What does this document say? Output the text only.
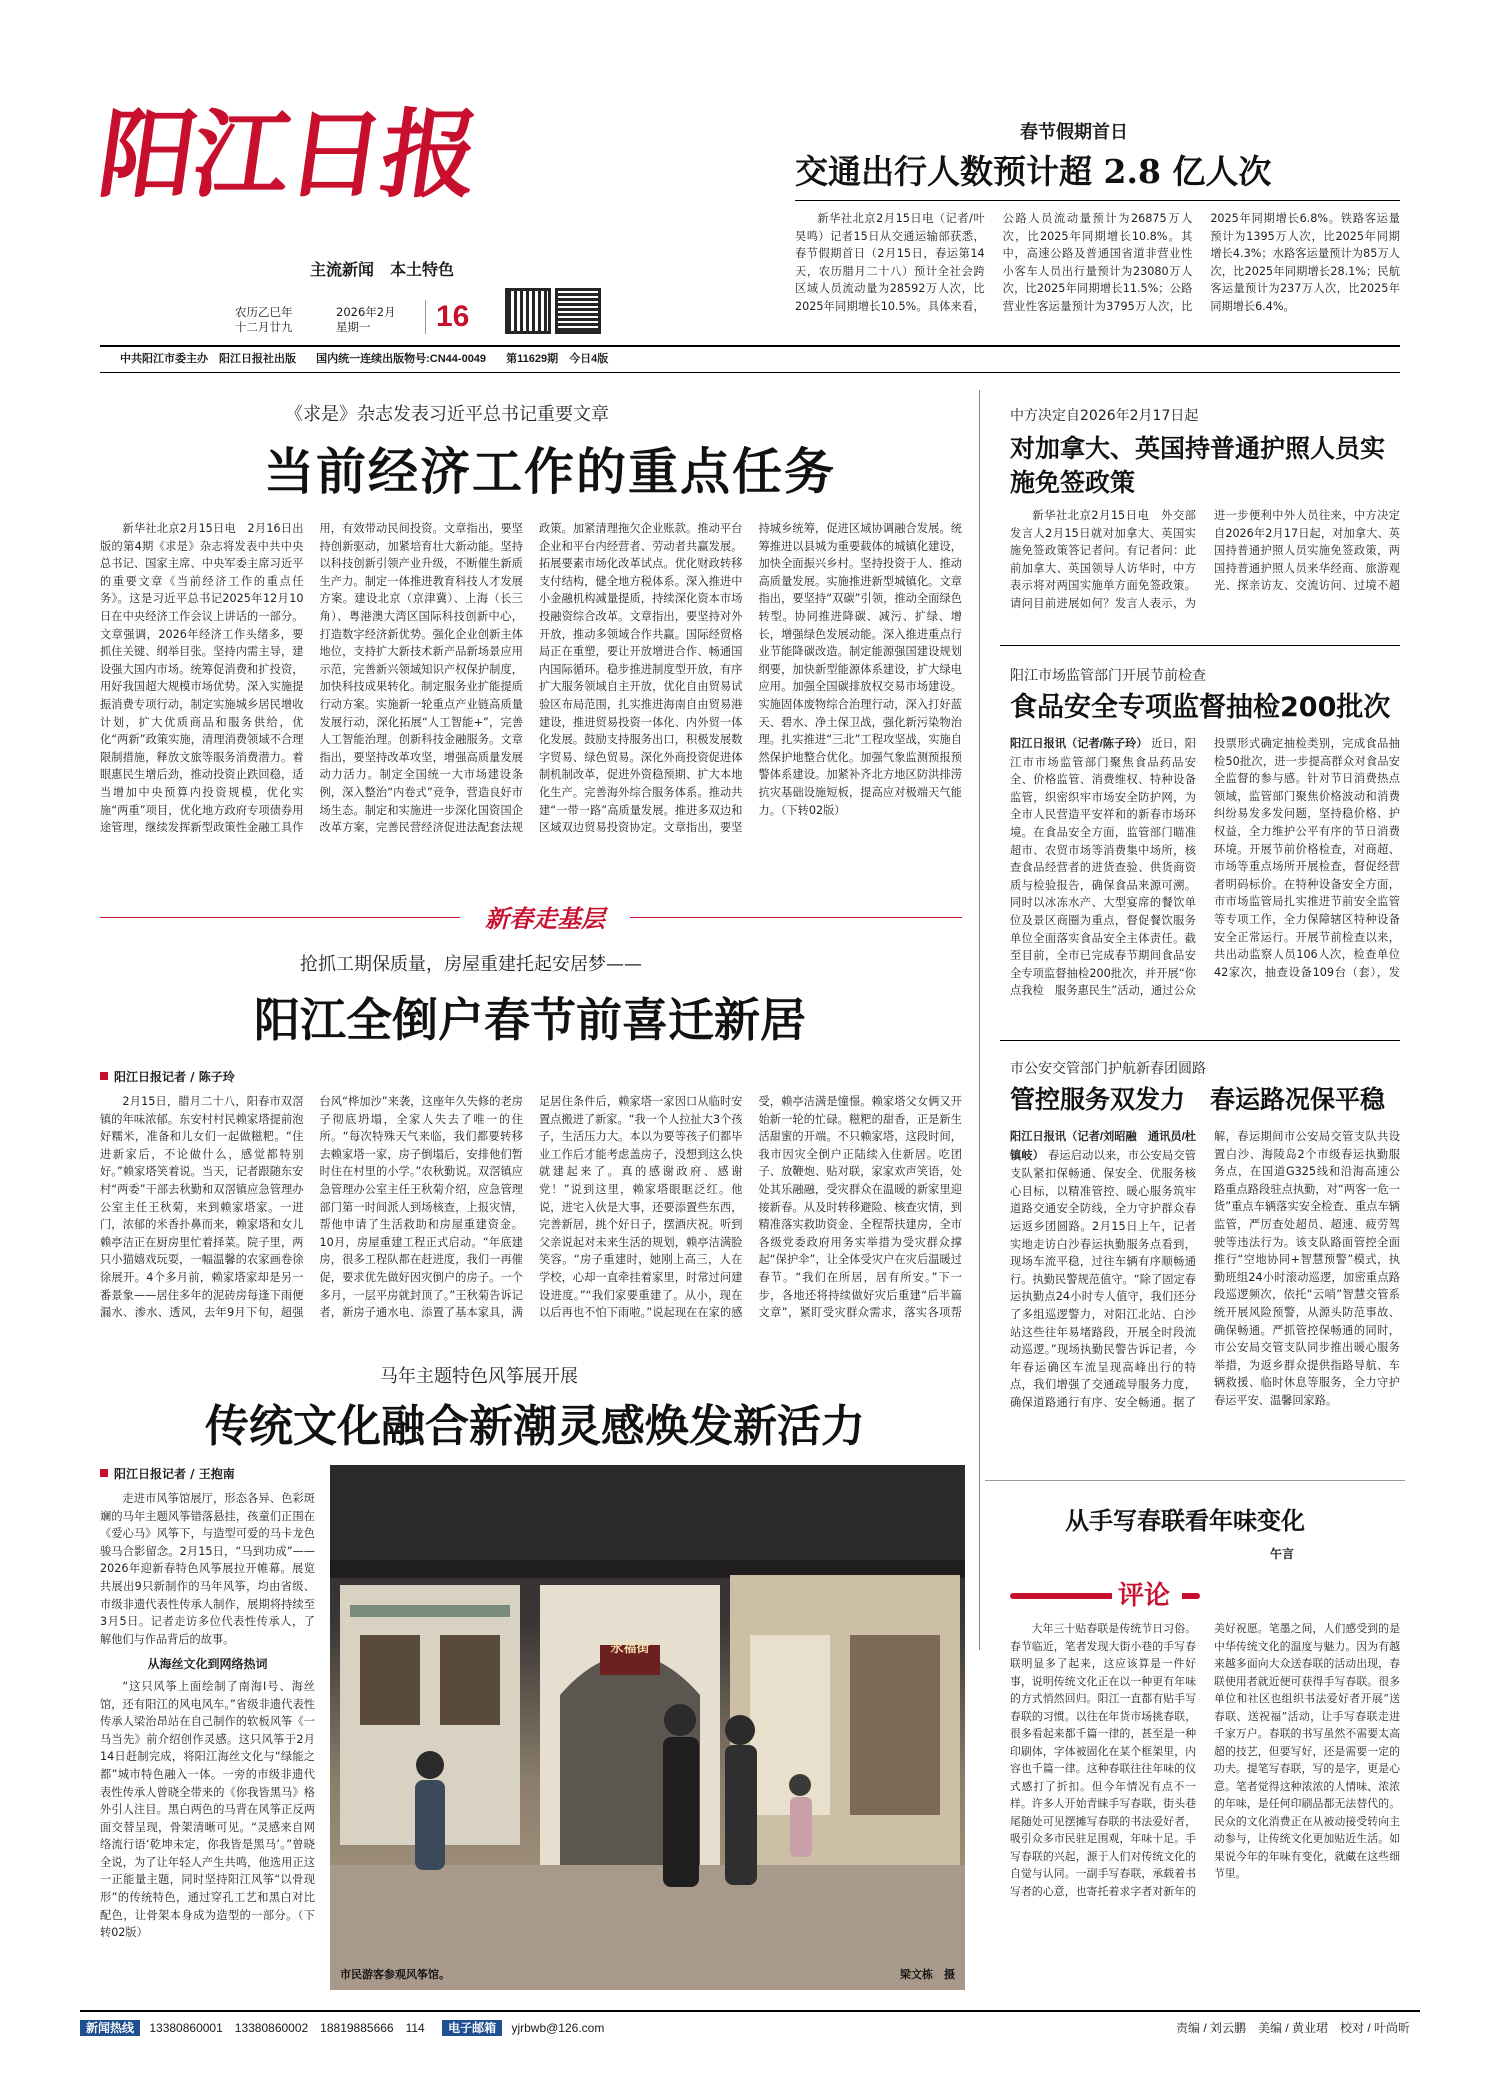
阳江日报
主流新闻　本土特色
农历乙巳年
十二月廿九
2026年2月
星期一	16
中共阳江市委主办　阳江日报社出版 国内统一连续出版物号:CN44-0049 第11629期　今日4版
春节假期首日
交通出行人数预计超 2.8 亿人次
新华社北京2月15日电（记者/叶昊鸣）记者15日从交通运输部获悉，春节假期首日（2月15日，春运第14天，农历腊月二十八）预计全社会跨区域人员流动量为28592万人次，比2025年同期增长10.5%。具体来看，公路人员流动量预计为26875万人次，比2025年同期增长10.8%。其中，高速公路及普通国省道非营业性小客车人员出行量预计为23080万人次，比2025年同期增长11.5%；公路营业性客运量预计为3795万人次，比2025年同期增长6.8%。铁路客运量预计为1395万人次，比2025年同期增长4.3%；水路客运量预计为85万人次，比2025年同期增长28.1%；民航客运量预计为237万人次，比2025年同期增长6.4%。
《求是》杂志发表习近平总书记重要文章
当前经济工作的重点任务
新华社北京2月15日电　2月16日出版的第4期《求是》杂志将发表中共中央总书记、国家主席、中央军委主席习近平的重要文章《当前经济工作的重点任务》。这是习近平总书记2025年12月10日在中央经济工作会议上讲话的一部分。文章强调，2026年经济工作头绪多，要抓住关键、纲举目张。坚持内需主导，建设强大国内市场。统筹促消费和扩投资，用好我国超大规模市场优势。深入实施提振消费专项行动，制定实施城乡居民增收计划，扩大优质商品和服务供给，优化“两新”政策实施，清理消费领域不合理限制措施，释放文旅等服务消费潜力。着眼惠民生增后劲，推动投资止跌回稳，适当增加中央预算内投资规模，优化实施“两重”项目，优化地方政府专项债券用途管理，继续发挥新型政策性金融工具作用，有效带动民间投资。文章指出，要坚持创新驱动，加紧培育壮大新动能。坚持以科技创新引领产业升级，不断催生新质生产力。制定一体推进教育科技人才发展方案。建设北京（京津冀）、上海（长三角）、粤港澳大湾区国际科技创新中心，打造数字经济新优势。强化企业创新主体地位，支持扩大新技术新产品新场景应用示范，完善新兴领域知识产权保护制度，加快科技成果转化。制定服务业扩能提质行动方案。实施新一轮重点产业链高质量发展行动，深化拓展“人工智能+”，完善人工智能治理。创新科技金融服务。文章指出，要坚持改革攻坚，增强高质量发展动力活力。制定全国统一大市场建设条例，深入整治“内卷式”竞争，营造良好市场生态。制定和实施进一步深化国资国企改革方案，完善民营经济促进法配套法规政策。加紧清理拖欠企业账款。推动平台企业和平台内经营者、劳动者共赢发展。拓展要素市场化改革试点。优化财政转移支付结构，健全地方税体系。深入推进中小金融机构减量提质，持续深化资本市场投融资综合改革。文章指出，要坚持对外开放，推动多领域合作共赢。国际经贸格局正在重塑，要让开放增进合作、畅通国内国际循环。稳步推进制度型开放，有序扩大服务领域自主开放，优化自由贸易试验区布局范围，扎实推进海南自由贸易港建设，推进贸易投资一体化、内外贸一体化发展。鼓励支持服务出口，积极发展数字贸易、绿色贸易。深化外商投资促进体制机制改革，促进外资稳预期、扩大本地化生产。完善海外综合服务体系。推动共建“一带一路”高质量发展。推进多双边和区域双边贸易投资协定。文章指出，要坚持城乡统筹，促进区域协调融合发展。统筹推进以县城为重要载体的城镇化建设，加快全面振兴乡村。坚持投资于人、推动高质量发展。实施推进新型城镇化。文章指出，要坚持“双碳”引领，推动全面绿色转型。协同推进降碳、减污、扩绿、增长，增强绿色发展动能。深入推进重点行业节能降碳改造。制定能源强国建设规划纲要，加快新型能源体系建设，扩大绿电应用。加强全国碳排放权交易市场建设。实施固体废物综合治理行动，深入打好蓝天、碧水、净土保卫战，强化新污染物治理。扎实推进“三北”工程攻坚战，实施自然保护地整合优化。加强气象监测预报预警体系建设。加紧补齐北方地区防洪排涝抗灾基础设施短板，提高应对极端天气能力。（下转02版）
中方决定自2026年2月17日起
对加拿大、英国持普通护照人员实施免签政策
新华社北京2月15日电　外交部发言人2月15日就对加拿大、英国实施免签政策答记者问。有记者问：此前加拿大、英国领导人访华时，中方表示将对两国实施单方面免签政策。请问目前进展如何？发言人表示，为进一步便利中外人员往来，中方决定自2026年2月17日起，对加拿大、英国持普通护照人员实施免签政策，两国持普通护照人员来华经商、旅游观光、探亲访友、交流访问、过境不超
阳江市场监管部门开展节前检查
食品安全专项监督抽检200批次
阳江日报讯（记者/陈子玲） 近日，阳江市市场监管部门聚焦食品药品安全、价格监管、消费维权、特种设备监管，织密织牢市场安全防护网，为全市人民营造平安祥和的新春市场环境。在食品安全方面，监管部门瞄准超市、农贸市场等消费集中场所，核查食品经营者的进货查验、供货商资质与检验报告，确保食品来源可溯。同时以冰冻水产、大型宴席的餐饮单位及景区商圈为重点，督促餐饮服务单位全面落实食品安全主体责任。截至目前，全市已完成春节期间食品安全专项监督抽检200批次，并开展“你点我检　服务惠民生”活动，通过公众投票形式确定抽检类别，完成食品抽检50批次，进一步提高群众对食品安全监督的参与感。针对节日消费热点领域，监管部门聚焦价格波动和消费纠纷易发多发问题，坚持稳价格、护权益，全力维护公平有序的节日消费环境。开展节前价格检查，对商超、市场等重点场所开展检查，督促经营者明码标价。在特种设备安全方面，市市场监管局扎实推进节前安全监管等专项工作，全力保障辖区特种设备安全正常运行。开展节前检查以来，共出动监察人员106人次，检查单位42家次，抽查设备109台（套），发
市公安交管部门护航新春团圆路
管控服务双发力　春运路况保平稳
阳江日报讯（记者/刘昭融　通讯员/杜镇岐） 春运启动以来，市公安局交管支队紧扣保畅通、保安全、优服务核心目标，以精准管控、暖心服务筑牢道路交通安全防线，全力守护群众春运返乡团圆路。2月15日上午，记者实地走访白沙春运执勤服务点看到，现场车流平稳，过往车辆有序顺畅通行。执勤民警规范值守。“除了固定春运执勤点24小时专人值守，我们还分了多组巡逻警力，对阳江北站、白沙站这些往年易堵路段，开展全时段流动巡逻。”现场执勤民警告诉记者，今年春运确区车流呈现高峰出行的特点，我们增强了交通疏导服务力度，确保道路通行有序、安全畅通。据了解，春运期间市公安局交管支队共设置白沙、海陵岛2个市级春运执勤服务点，在国道G325线和沿海高速公路重点路段驻点执勤，对“两客一危一货”重点车辆落实安全检查、重点车辆监管，严厉查处超员、超速、疲劳驾驶等违法行为。该支队路面管控全面推行“空地协同+智慧预警”模式，执勤班组24小时滚动巡逻，加密重点路段巡逻频次，依托“云哨”智慧交管系统开展风险预警，从源头防范事故、确保畅通。严抓管控保畅通的同时，市公安局交管支队同步推出暖心服务举措，为返乡群众提供指路导航、车辆救援、临时休息等服务，全力守护春运平安、温馨回家路。
从手写春联看年味变化
午言
评论
大年三十贴春联是传统节日习俗。春节临近，笔者发现大街小巷的手写春联明显多了起来，这应该算是一件好事，说明传统文化正在以一种更有年味的方式悄然回归。阳江一直都有贴手写春联的习惯。以往在年货市场挑春联，很多看起来都千篇一律的，甚至是一种印刷体，字体被固化在某个框架里，内容也千篇一律。这种春联往往年味的仪式感打了折扣。但今年情况有点不一样。许多人开始青睐手写春联，街头巷尾随处可见摆摊写春联的书法爱好者，吸引众多市民驻足围观，年味十足。手写春联的兴起，源于人们对传统文化的自觉与认同。一副手写春联，承载着书写者的心意，也寄托着求字者对新年的美好祝愿。笔墨之间，人们感受到的是中华传统文化的温度与魅力。因为有越来越多面向大众送春联的活动出现，春联使用者就近便可获得手写春联。很多单位和社区也组织书法爱好者开展“送春联、送祝福”活动，让手写春联走进千家万户。春联的书写虽然不需要太高超的技艺，但要写好，还是需要一定的功夫。提笔写春联，写的是字，更是心意。笔者觉得这种浓浓的人情味、浓浓的年味，是任何印刷品都无法替代的。民众的文化消费正在从被动接受转向主动参与，让传统文化更加贴近生活。如果说今年的年味有变化，就藏在这些细节里。
新春走基层
抢抓工期保质量，房屋重建托起安居梦——
阳江全倒户春节前喜迁新居
阳江日报记者 / 陈子玲
2月15日，腊月二十八，阳春市双滘镇的年味浓郁。东安村村民赖家塔提前泡好糯米，准备和儿女们一起做糍粑。“住进新家后，不论做什么，感觉都特别好。”赖家塔笑着说。当天，记者跟随东安村“两委”干部去秋勤和双滘镇应急管理办公室主任王秋菊，来到赖家塔家。一进门，浓郁的米香扑鼻而来，赖家塔和女儿赖亭洁正在厨房里忙着择菜。院子里，两只小猫嬉戏玩耍，一幅温馨的农家画卷徐徐展开。4个多月前，赖家塔家却是另一番景象——居住多年的泥砖房每逢下雨便漏水、渗水、透风，去年9月下旬，超强台风“桦加沙”来袭，这座年久失修的老房子彻底坍塌，全家人失去了唯一的住所。“每次特殊天气来临，我们都要转移去赖家塔一家，房子倒塌后，安排他们暂时住在村里的小学。”农秋勤说。双滘镇应急管理办公室主任王秋菊介绍，应急管理部门第一时间派人到场核查，上报灾情，帮他申请了生活救助和房屋重建资金。10月，房屋重建工程正式启动。“年底建房，很多工程队都在赶进度，我们一再催促，要求优先做好因灾倒户的房子。一个多月，一层平房就封顶了。”王秋菊告诉记者，新房子通水电、添置了基本家具，满足居住条件后，赖家塔一家因口从临时安置点搬进了新家。“我一个人拉扯大3个孩子，生活压力大。本以为要等孩子们都毕业工作后才能考虑盖房子，没想到这么快就建起来了。真的感谢政府、感谢党！”说到这里，赖家塔眼眶泛红。他说，进宅入伙是大事，还要添置些东西，完善新居，挑个好日子，摆酒庆祝。听到父亲说起对未来生活的规划，赖亭洁满脸笑容。“房子重建时，她刚上高三，人在学校，心却一直牵挂着家里，时常过问建设进度。”“我们家要重建了。从小，现在以后再也不怕下雨啦。”说起现在在家的感受，赖亭洁满是憧憬。赖家塔父女俩又开始新一轮的忙碌。糍粑的甜香，正是新生活甜蜜的开端。不只赖家塔，这段时间，我市因灾全倒户正陆续入住新居。吃团子、放鞭炮、贴对联，家家欢声笑语，处处其乐融融，受灾群众在温暖的新家里迎接新春。从及时转移避险、核查灾情，到精准落实救助资金、全程帮扶建房，全市各级党委政府用务实举措为受灾群众撑起“保护伞”，让全体受灾户在灾后温暖过春节。“我们在所居，居有所安。”下一步，各地还将持续做好灾后重建“后半篇文章”，紧盯受灾群众需求，落实各项帮
马年主题特色风筝展开展
传统文化融合新潮灵感焕发新活力
阳江日报记者 / 王抱南

走进市风筝馆展厅，形态各异、色彩斑斓的马年主题风筝错落悬挂，孩童们正围在《爱心马》风筝下，与造型可爱的马卡龙色骏马合影留念。2月15日，“马到功成”——2026年迎新春特色风筝展拉开帷幕。展览共展出9只新制作的马年风筝，均由省级、市级非遗代表性传承人制作，展期将持续至3月5日。记者走访多位代表性传承人，了解他们与作品背后的故事。

从海丝文化到网络热词

“这只风筝上面绘制了南海Ⅰ号、海丝馆，还有阳江的风电风车。”省级非遗代表性传承人梁治昂站在自己制作的软板风筝《一马当先》前介绍创作灵感。这只风筝于2月14日赶制完成，将阳江海丝文化与“绿能之都”城市特色融入一体。一旁的市级非遗代表性传承人曾晓全带来的《你我皆黑马》格外引人注目。黑白两色的马背在风筝正反两面交替呈现，骨架清晰可见。“灵感来自网络流行语‘乾坤未定，你我皆是黑马’。”曾晓全说，为了让年轻人产生共鸣，他选用正这一正能量主题，同时坚持阳江风筝“以骨现形”的传统特色，通过穿孔工艺和黑白对比配色，让骨架本身成为造型的一部分。（下转02版）

永福街
市民游客参观风筝馆。	梁文栋　摄
新闻热线 13380860001　13380860002　18819885666　114 电子邮箱 yjrbwb@126.com	责编 / 刘云鹏　美编 / 黄业珺　校对 / 叶尚昕
